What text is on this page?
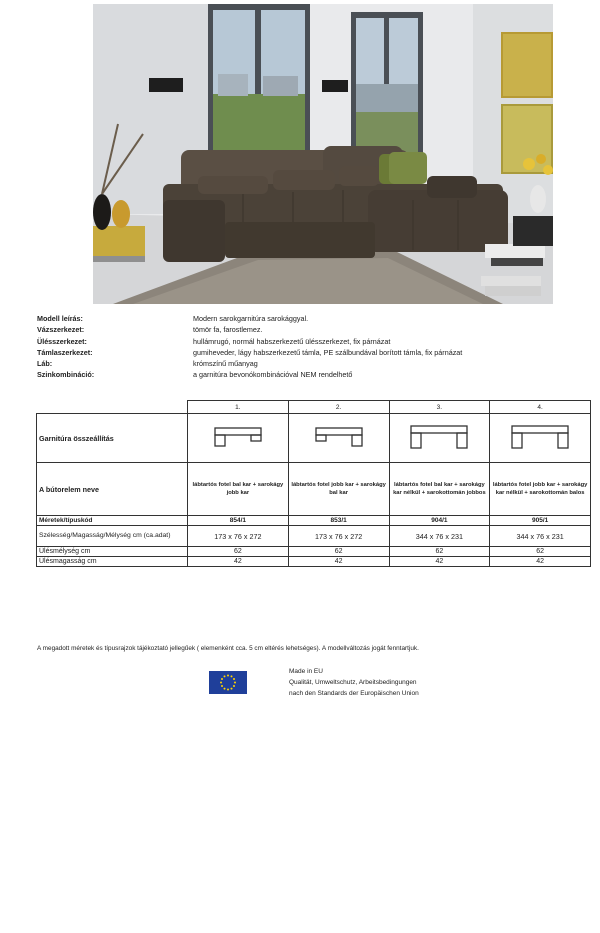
Modell leírás:	Modern sarokgarnitúra sarokággyal.
Vázszerkezet:	tömör fa, farostlemez.
Ülésszerkezet:	hullámrugó, normál habszerkezetű ülésszerkezet, fix párnázat
Támlaszerkezet:	gumiheveder, lágy habszerkezetű támla, PE szálbundával borított támla, fix párnázat
Láb:	krómszínű műanyag
Szinkombináció:	a garnitúra bevonókombinációval NEM rendelhető
	1.	2.	3.	4.
Garnitúra összeállítás				
A bútorelem neve	lábtartós fotel bal kar + sarokágy jobb kar	lábtartós fotel jobb kar + sarokágy bal kar	lábtartós fotel bal kar + sarokágy kar nélkül + sarokottomán jobbos	lábtartós fotel jobb kar + sarokágy kar nélkül + sarokottomán balos
Méretek/típuskód	854/1	853/1	904/1	905/1
Szélesség/Magasság/Mélység cm (ca.adat)	173 x 76 x 272	173 x 76 x 272	344 x 76 x 231	344 x 76 x 231
Ülésmélység cm	62	62	62	62
Ülésmagasság cm	42	42	42	42
A megadott méretek és típusrajzok tájékoztató jellegűek ( elemenként cca. 5 cm eltérés lehetséges). A modellváltozás jogát fenntartjuk.
Made in EU
Qualität, Umweltschutz, Arbeitsbedingungen
nach den Standards der Europäischen Union
